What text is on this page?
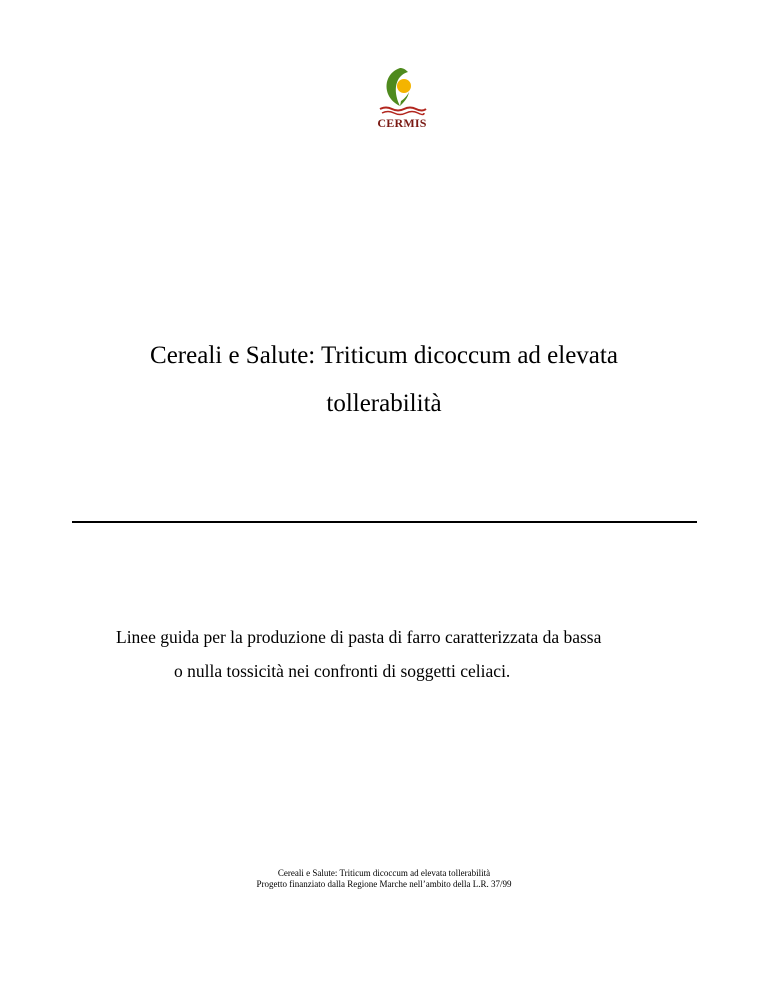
CERMIS
Cereali e Salute: Triticum dicoccum ad elevata
tollerabilità
Linee guida per la produzione di pasta di farro caratterizzata da bassa
o nulla tossicità nei confronti di soggetti celiaci.
Cereali e Salute: Triticum dicoccum ad elevata tollerabilità
Progetto finanziato dalla Regione Marche nell’ambito della L.R. 37/99
